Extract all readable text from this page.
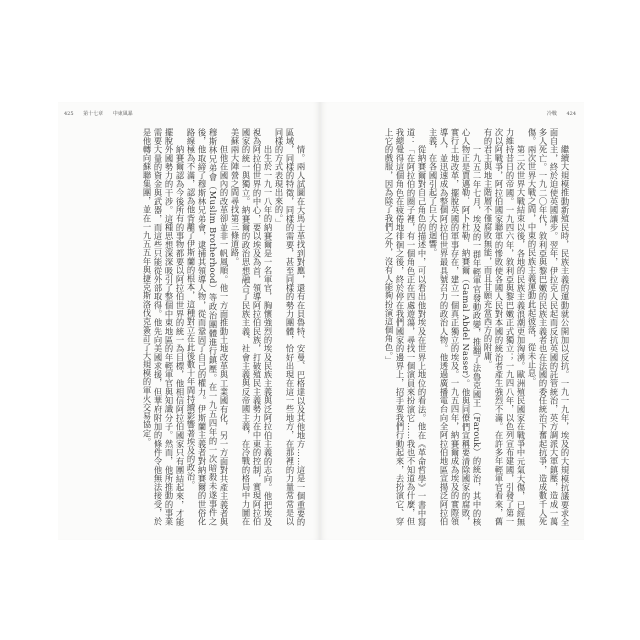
425 第十七章 中東風暴

情。兩人試圖在大馬士革找到對應，還有在貝魯特、安曼、巴格達以及其他地方……這是一個重要的區域，同樣的特徵，同樣的需要，甚至同樣的勢力團體，恰好出現在這一些地方，在那裡的力量常常是以同樣的方式表現出來的。」

出生於一九一八年的納賽爾是一名軍官，胸懷強烈的埃及民族主義與泛阿拉伯主義的志向。他把埃及視為阿拉伯世界的中心，要以埃及為首，領導阿拉伯民族，打破殖民主義勢力在中東的控制，實現阿拉伯國家的統一與獨立。納賽爾的政治思想融合了民族主義、社會主義與反帝國主義，在冷戰的格局中力圖在美蘇兩大陣營之間尋找第三條道路。

但他在國內的改革卻並非一帆風順。他一方面推動土地改革與工業國有化，另一方面對共產主義者與穆斯林兄弟會（Muslim Brotherhood）等政治團體進行鎮壓。在一九五四年的一次暗殺未遂事件之後，他取締了穆斯林兄弟會，逮捕其領導人物，從而鞏固了自己的權力。伊斯蘭主義者對納賽爾的世俗化路線極為不滿，認為他背離了伊斯蘭的根本，這種對立在此後數十年間持續影響著埃及的政治。

納賽爾認為今後所有的事物都要以阿拉伯世界的統一為目標，他相信阿拉伯國家只有團結起來，才能擺脫外國勢力的干涉。這種思想深深吸引了整個中東地區的年輕軍官與知識分子。然而，他所推動的事業需要大量的資金與武器，而這些只能從外部取得。他先向美國求援，但華府附加的條件令他無法接受，於是他轉向蘇聯集團，並在一九五五年與捷克斯洛伐克簽訂了大規模的軍火交易協定。

冷戰 424

繼續大規模推動新殖民時，民族主義的運動就公開加以反抗。一九一九年，埃及的大規模抗議要求全面自主，終於迫使英國讓步。翌年，伊拉克人民起而反抗英國的託管統治，英方調派大軍鎮壓，造成一萬多人死亡。一九二〇年代，敘利亞與黎巴嫩的民族主義者也在法國的委任統治下奮起抗爭，造成數千人死傷。兩次世界大戰之間，中東的民族主義運動此起彼落，從未止息。

第二次世界大戰結束以後，各地的民族主義浪潮更加洶湧。歐洲殖民國家在戰爭中元氣大傷，已經無力維持昔日的帝國。一九四六年，敘利亞與黎巴嫩正式獨立；一九四八年，以色列宣布建國，引發了第一次以阿戰爭，阿拉伯國家聯軍的慘敗使各國人民對本國的統治者產生強烈不滿。在許多年輕軍官看來，舊有的君主與地主階層不僅腐敗無能，而且甘願充當西方的附庸。

一九五二年七月，埃及的一群年輕軍官發動政變，推翻了法魯克國王（Farouk）的統治，其中的核心人物正是賈邁勒．阿卜杜勒．納賽爾（Gamal Abdel Nasser）。他與同僚們宣稱要清除國家的腐敗，實行土地改革，擺脫英國的軍事存在，建立一個真正獨立的埃及。一九五四年，納賽爾成為埃及的實際領導人，並迅速成為整個阿拉伯世界最具號召力的政治人物。他透過廣播電台向全阿拉伯地區宣揚泛阿拉伯主義，在各國引起了巨大的迴響。

從納賽爾對自己角色的描述中，可以看出他對埃及在世界上地位的看法。他在《革命哲學》一書中寫道：「在阿拉伯的圈子裡，有一個角色正在四處遊蕩，尋找一個演員來扮演它……我也不知道為什麼，但我總覺得這個角色在疲倦地徘徊之後，終於停在我們國家的邊界上，招手要我們行動起來，去扮演它、穿上它的戲服，因為除了我們之外，沒有人能夠扮演這個角色。」
